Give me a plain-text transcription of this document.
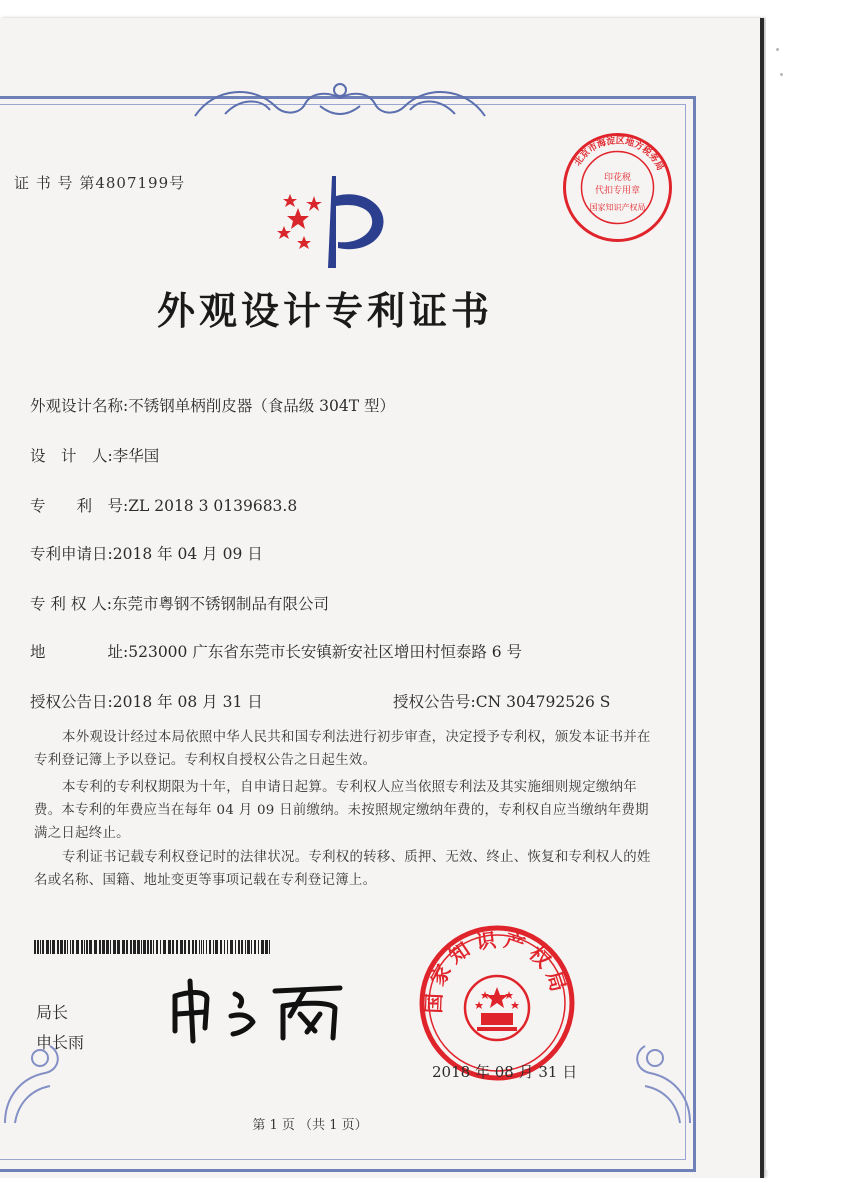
证 书 号 第4807199号
外观设计专利证书
外观设计名称:不锈钢单柄削皮器（食品级 304T 型）
设　计　人:李华国
专　　利　号:ZL 2018 3 0139683.8
专利申请日:2018 年 04 月 09 日
专 利 权 人:东莞市粤钢不锈钢制品有限公司
地　　　　址:523000 广东省东莞市长安镇新安社区增田村恒泰路 6 号
授权公告日:2018 年 08 月 31 日	授权公告号:CN 304792526 S
本外观设计经过本局依照中华人民共和国专利法进行初步审查，决定授予专利权，颁发本证书并在专利登记簿上予以登记。专利权自授权公告之日起生效。
本专利的专利权期限为十年，自申请日起算。专利权人应当依照专利法及其实施细则规定缴纳年费。本专利的年费应当在每年 04 月 09 日前缴纳。未按照规定缴纳年费的，专利权自应当缴纳年费期满之日起终止。
专利证书记载专利权登记时的法律状况。专利权的转移、质押、无效、终止、恢复和专利权人的姓名或名称、国籍、地址变更等事项记载在专利登记簿上。
局长
申长雨
北京市海淀区地方税务局
印花税
代扣专用章
国家知识产权局
国家知识产权局
2018 年 08 月 31 日
第 1 页 （共 1 页）
